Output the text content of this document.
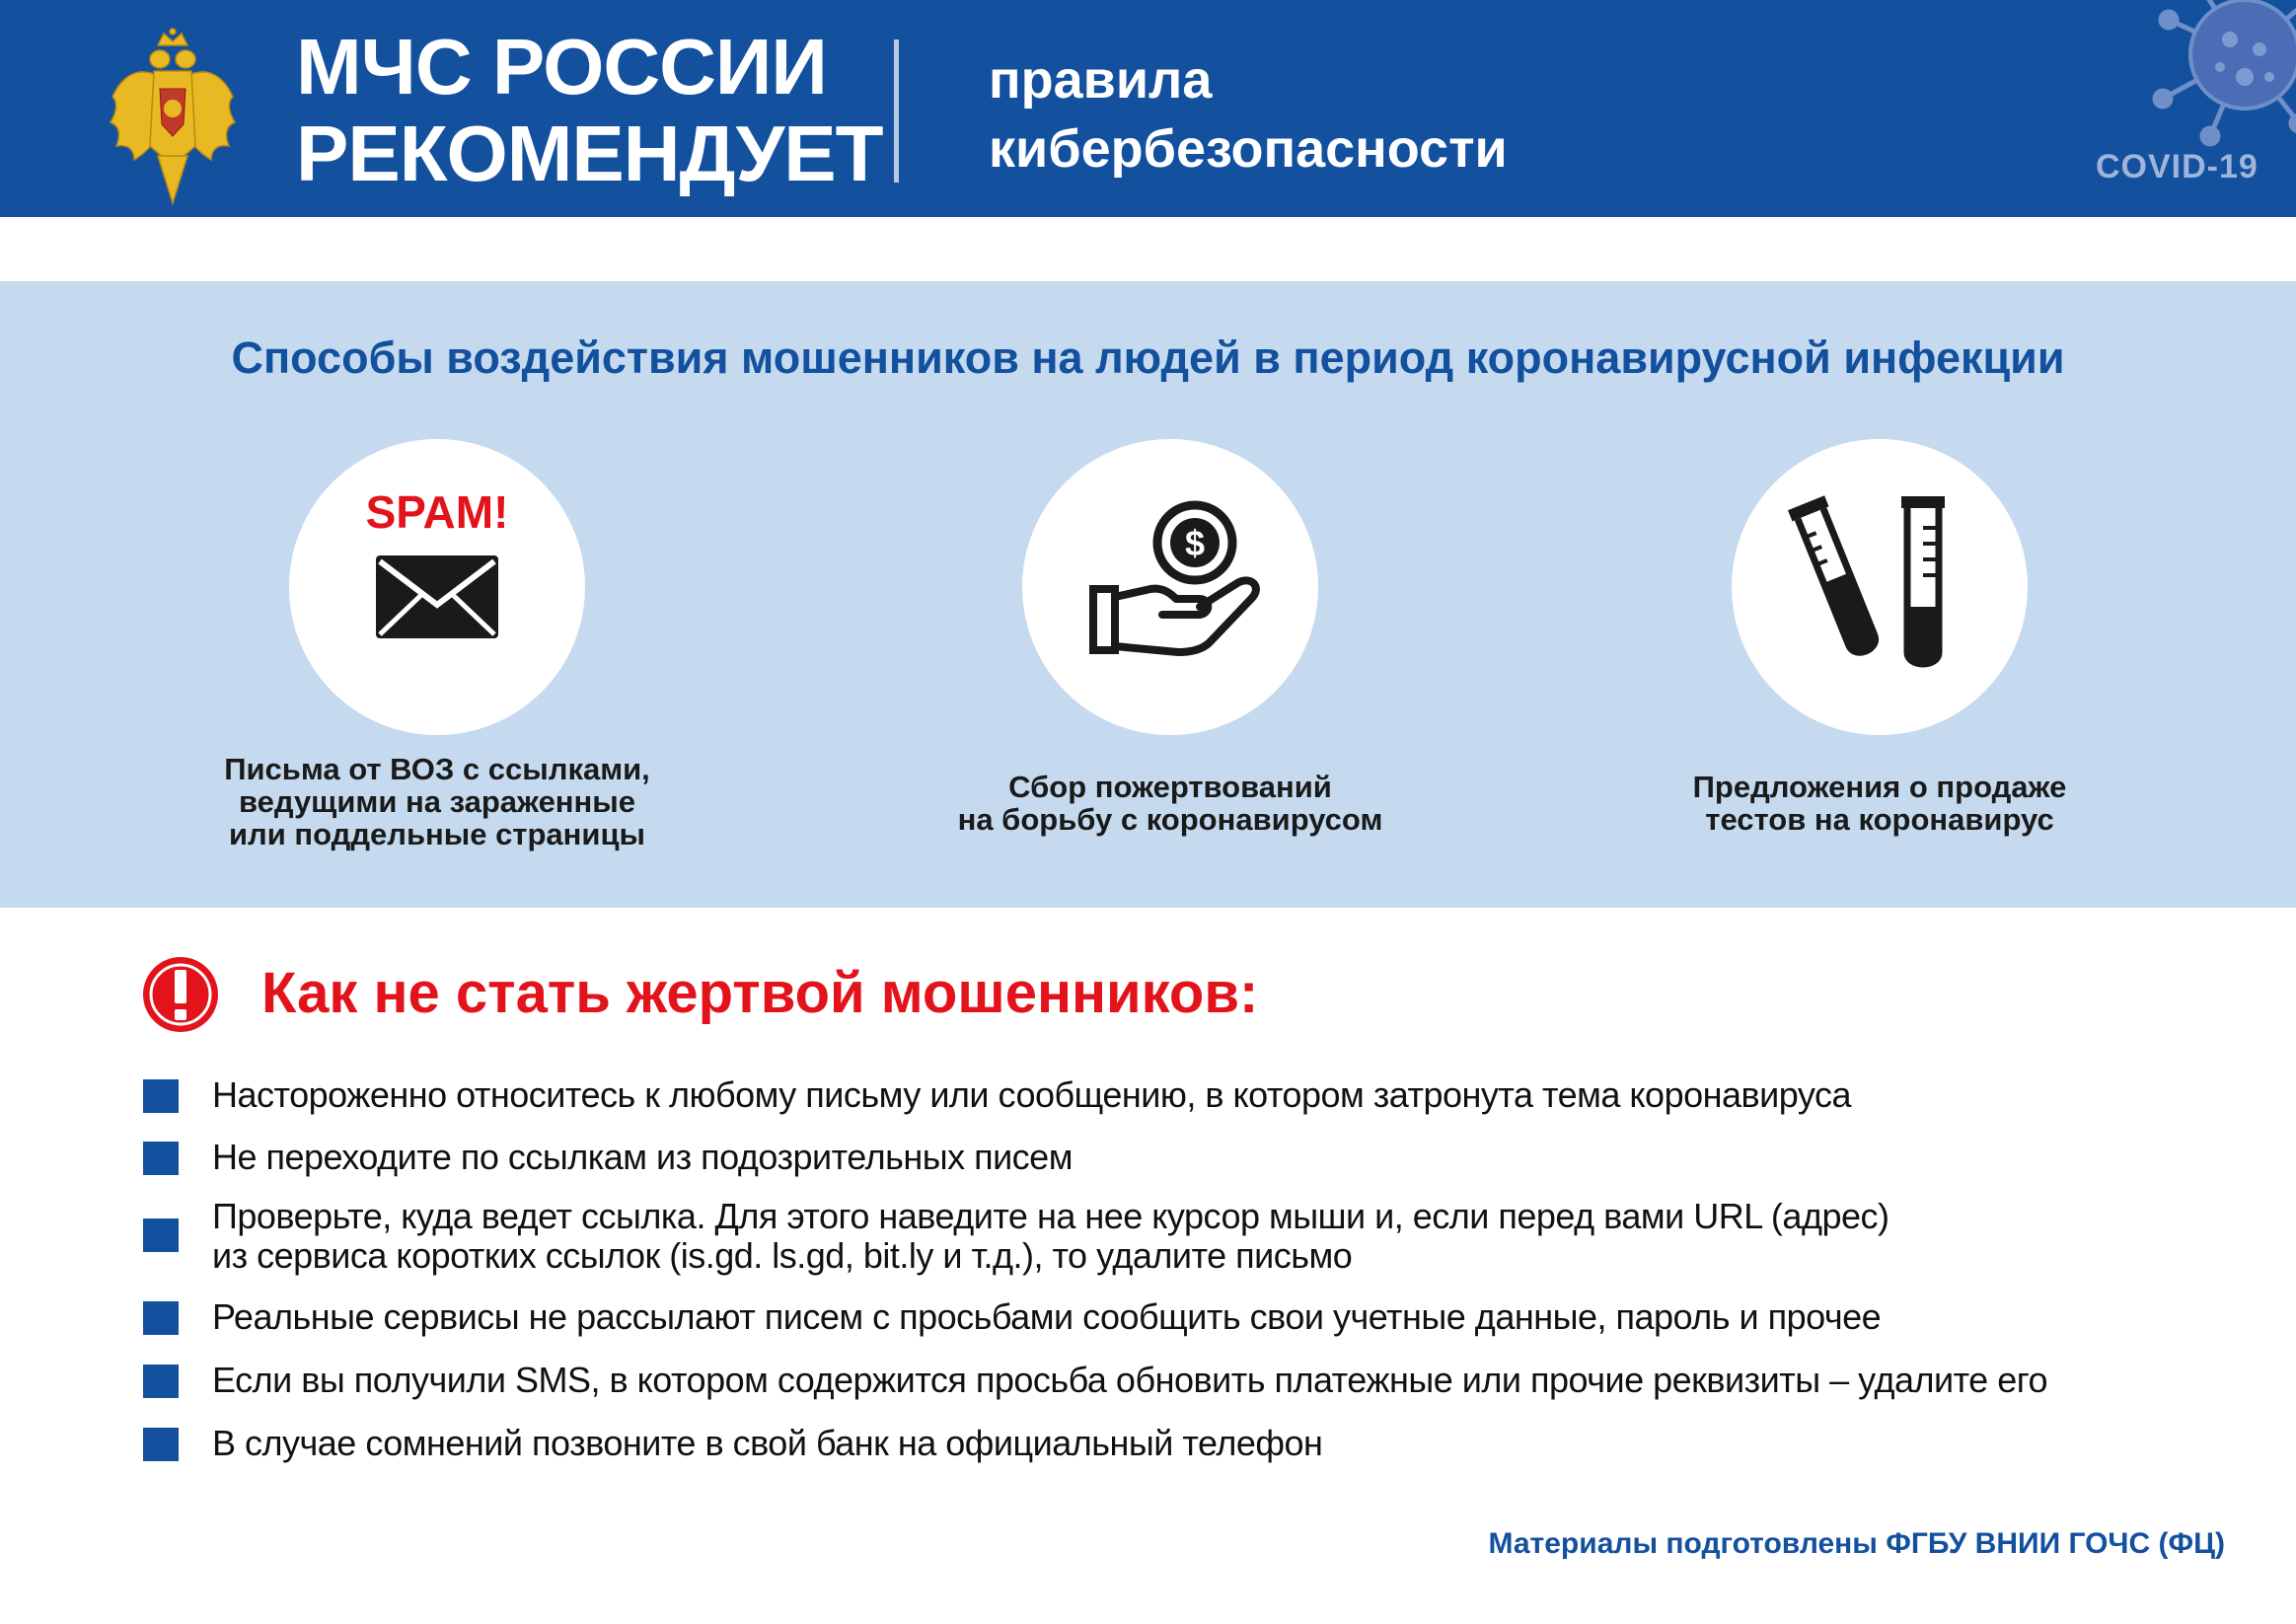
МЧС РОССИИ
РЕКОМЕНДУЕТ
правила
кибербезопасности	COVID-19
Способы воздействия мошенников на людей в период коронавирусной инфекции
SPAM!
Письма от ВОЗ с ссылками,
ведущими на зараженные
или поддельные страницы
$
Сбор пожертвований
на борьбу с коронавирусом
Предложения о продаже
тестов на коронавирус
Как не стать жертвой мошенников:
Настороженно относитесь к любому письму или сообщению, в котором затронута тема коронавируса
Не переходите по ссылкам из подозрительных писем
Проверьте, куда ведет ссылка. Для этого наведите на нее курсор мыши и, если перед вами URL (адрес)
из сервиса коротких ссылок (is.gd. ls.gd, bit.ly и т.д.), то удалите письмо
Реальные сервисы не рассылают писем с просьбами сообщить свои учетные данные, пароль и прочее
Если вы получили SMS, в котором содержится просьба обновить платежные или прочие реквизиты – удалите его
В случае сомнений позвоните в свой банк на официальный телефон
Материалы подготовлены ФГБУ ВНИИ ГОЧС (ФЦ)
